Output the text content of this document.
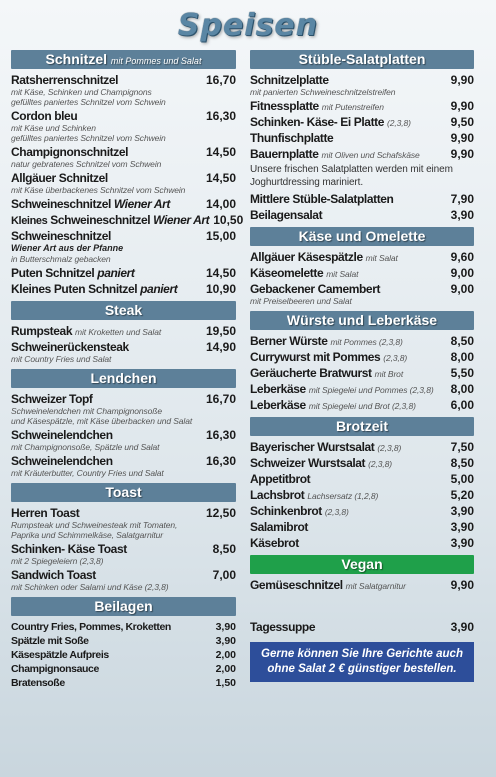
Speisen
Schnitzel mit Pommes und Salat
Ratsherrenschnitzel	16,70
mit Käse, Schinken und Champignons
gefülltes paniertes Schnitzel vom Schwein
Cordon bleu	16,30
mit Käse und Schinken
gefülltes paniertes Schnitzel vom Schwein
Champignonschnitzel	14,50
natur gebratenes Schnitzel vom Schwein
Allgäuer Schnitzel	14,50
mit Käse überbackenes Schnitzel vom Schwein
Schweineschnitzel Wiener Art	14,00
Kleines Schweineschnitzel Wiener Art 10,50
Schweineschnitzel	15,00
Wiener Art aus der Pfanne
in Butterschmalz gebacken
Puten Schnitzel paniert	14,50
Kleines Puten Schnitzel paniert 10,90
Steak
Rumpsteak mit Kroketten und Salat	19,50
Schweinerückensteak	14,90
mit Country Fries und Salat
Lendchen
Schweizer Topf	16,70
Schweinelendchen mit Champignonsoße
und Käsespätzle, mit Käse überbacken und Salat
Schweinelendchen	16,30
mit Champignonsoße, Spätzle und Salat
Schweinelendchen	16,30
mit Kräuterbutter, Country Fries und Salat
Toast
Herren Toast	12,50
Rumpsteak und Schweinesteak mit Tomaten,
Paprika und Schimmelkäse, Salatgarnitur
Schinken- Käse Toast	8,50
mit 2 Spiegeleiern (2,3,8)
Sandwich Toast	7,00
mit Schinken oder Salami und Käse (2,3,8)
Beilagen
Country Fries, Pommes, Kroketten	3,90
Spätzle mit Soße	3,90
Käsespätzle Aufpreis	2,00
Champignonsauce	2,00
Bratensoße	1,50
Stüble-Salatplatten
Schnitzelplatte	9,90
mit panierten Schweineschnitzelstreifen
Fitnessplatte mit Putenstreifen	9,90
Schinken- Käse- Ei Platte (2,3,8)	9,50
Thunfischplatte	9,90
Bauernplatte mit Oliven und Schafskäse	9,90
Unsere frischen Salatplatten werden mit einem Joghurtdressing mariniert.
Mittlere Stüble-Salatplatten	7,90
Beilagensalat	3,90
Käse und Omelette
Allgäuer Käsespätzle mit Salat	9,60
Käseomelette mit Salat	9,00
Gebackener Camembert	9,00
mit Preiselbeeren und Salat
Würste und Leberkäse
Berner Würste mit Pommes (2,3,8)	8,50
Currywurst mit Pommes (2,3,8)	8,00
Geräucherte Bratwurst mit Brot	5,50
Leberkäse mit Spiegelei und Pommes (2,3,8) 8,00
Leberkäse mit Spiegelei und Brot (2,3,8)	6,00
Brotzeit
Bayerischer Wurstsalat (2,3,8)	7,50
Schweizer Wurstsalat (2,3,8)	8,50
Appetitbrot	5,00
Lachsbrot Lachsersatz (1,2,8)	5,20
Schinkenbrot (2,3,8)	3,90
Salamibrot	3,90
Käsebrot	3,90
Vegan
Gemüseschnitzel mit Salatgarnitur	9,90
Tagessuppe	3,90
Gerne können Sie Ihre Gerichte auch
ohne Salat 2 € günstiger bestellen.
